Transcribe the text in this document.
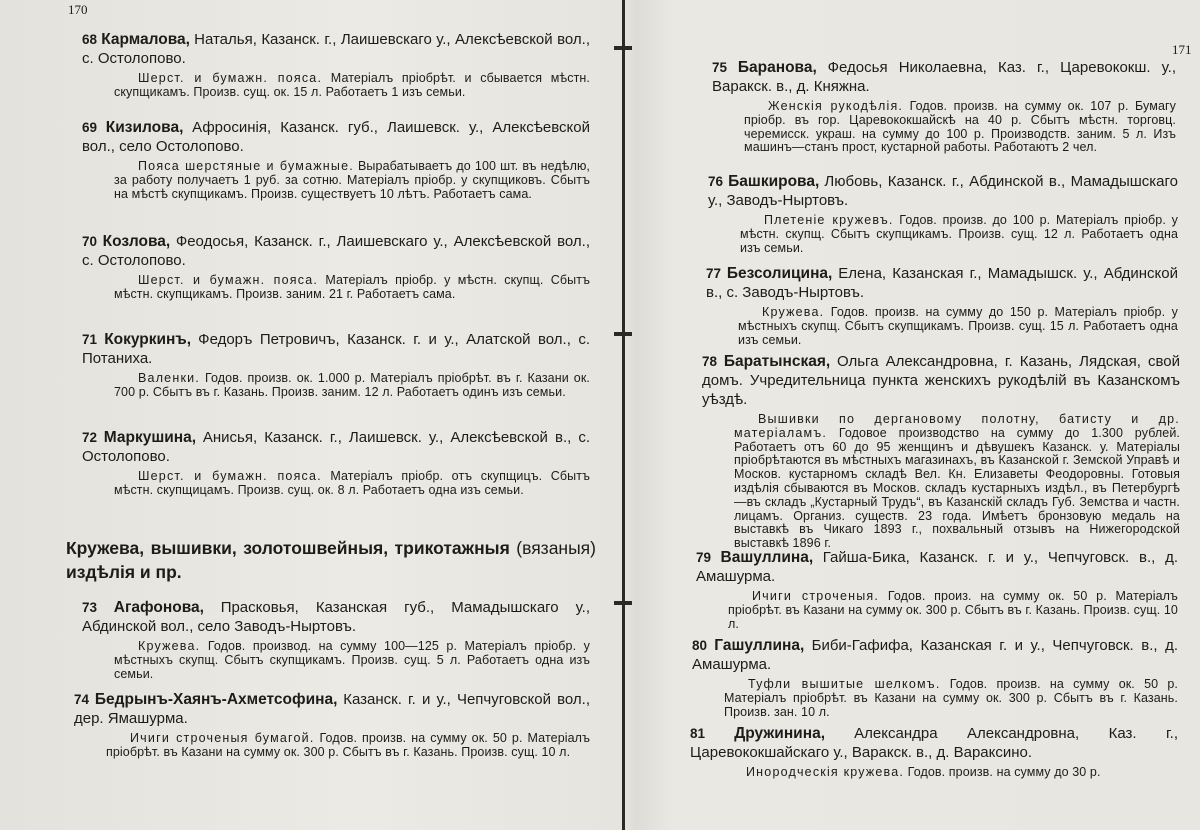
170
171
68 Кармалова, Наталья, Казанск. г., Лаишевскаго у., Алексѣевской вол., с. Остолопово.
Шерст. и бумажн. пояса. Матеріалъ пріобрѣт. и сбывается мѣстн. скупщикамъ. Произв. сущ. ок. 15 л. Работаетъ 1 изъ семьи.
69 Кизилова, Афросинія, Казанск. губ., Лаишевск. у., Алексѣевской вол., село Остолопово.
Пояса шерстяные и бумажные. Вырабатываетъ до 100 шт. въ недѣлю, за работу получаетъ 1 руб. за сотню. Матеріалъ пріобр. у скупщиковъ. Сбытъ на мѣстѣ скупщикамъ. Произв. существуетъ 10 лѣтъ. Работаетъ сама.
70 Козлова, Феодосья, Казанск. г., Лаишевскаго у., Алексѣевской вол., с. Остолопово.
Шерст. и бумажн. пояса. Матеріалъ пріобр. у мѣстн. скупщ. Сбытъ мѣстн. скупщикамъ. Произв. заним. 21 г. Работаетъ сама.
71 Кокуркинъ, Федоръ Петровичъ, Казанск. г. и у., Алатской вол., с. Потаниха.
Валенки. Годов. произв. ок. 1.000 р. Матеріалъ пріобрѣт. въ г. Казани ок. 700 р. Сбытъ въ г. Казань. Произв. заним. 12 л. Работаетъ одинъ изъ семьи.
72 Маркушина, Анисья, Казанск. г., Лаишевск. у., Алексѣевской в., с. Остолопово.
Шерст. и бумажн. пояса. Матеріалъ пріобр. отъ скупщицъ. Сбытъ мѣстн. скупщицамъ. Произв. сущ. ок. 8 л. Работаетъ одна изъ семьи.
Кружева, вышивки, золотошвейныя, трикотажныя (вязаныя) издѣлія и пр.
73 Агафонова, Прасковья, Казанская губ., Мамадышскаго у., Абдинской вол., село Заводъ-Ныртовъ.
Кружева. Годов. производ. на сумму 100—125 р. Матеріалъ пріобр. у мѣстныхъ скупщ. Сбытъ скупщикамъ. Произв. сущ. 5 л. Работаетъ одна изъ семьи.
74 Бедрынъ-Хаянъ-Ахметсофина, Казанск. г. и у., Чепчуговской вол., дер. Ямашурма.
Ичиги строченыя бумагой. Годов. произв. на сумму ок. 50 р. Матеріалъ пріобрѣт. въ Казани на сумму ок. 300 р. Сбытъ въ г. Казань. Произв. сущ. 10 л.
75 Баранова, Федосья Николаевна, Каз. г., Царевококш. у., Варакск. в., д. Княжна.
Женскія рукодѣлія. Годов. произв. на сумму ок. 107 р. Бумагу пріобр. въ гор. Царевококшайскѣ на 40 р. Сбытъ мѣстн. торговц. черемисск. украш. на сумму до 100 р. Производств. заним. 5 л. Изъ машинъ—станъ прост, кустарной работы. Работаютъ 2 чел.
76 Башкирова, Любовь, Казанск. г., Абдинской в., Мамадышскаго у., Заводъ-Ныртовъ.
Плетеніе кружевъ. Годов. произв. до 100 р. Матеріалъ пріобр. у мѣстн. скупщ. Сбытъ скупщикамъ. Произв. сущ. 12 л. Работаетъ одна изъ семьи.
77 Безсолицина, Елена, Казанская г., Мамадышск. у., Абдинской в., с. Заводъ-Ныртовъ.
Кружева. Годов. произв. на сумму до 150 р. Матеріалъ пріобр. у мѣстныхъ скупщ. Сбытъ скупщикамъ. Произв. сущ. 15 л. Работаетъ одна изъ семьи.
78 Баратынская, Ольга Александровна, г. Казань, Лядская, свой домъ. Учредительница пункта женскихъ рукодѣлій въ Казанскомъ уѣздѣ.
Вышивки по дергановому полотну, батисту и др. матеріаламъ. Годовое производство на сумму до 1.300 рублей. Работаетъ отъ 60 до 95 женщинъ и дѣвушекъ Казанск. у. Матеріалы пріобрѣтаются въ мѣстныхъ магазинахъ, въ Казанской г. Земской Управѣ и Москов. кустарномъ складѣ Вел. Кн. Елизаветы Феодоровны. Готовыя издѣлія сбываются въ Москов. складъ кустарныхъ издѣл., въ Петербургѣ—въ складъ „Кустарный Трудъ“, въ Казанскій складъ Губ. Земства и частн. лицамъ. Организ. существ. 23 года. Имѣетъ бронзовую медаль на выставкѣ въ Чикаго 1893 г., похвальный отзывъ на Нижегородской выставкѣ 1896 г.
79 Вашуллина, Гайша-Бика, Казанск. г. и у., Чепчуговск. в., д. Амашурма.
Ичиги строченыя. Годов. произ. на сумму ок. 50 р. Матеріалъ пріобрѣт. въ Казани на сумму ок. 300 р. Сбытъ въ г. Казань. Произв. сущ. 10 л.
80 Гашуллина, Биби-Гафифа, Казанская г. и у., Чепчуговск. в., д. Амашурма.
Туфли вышитые шелкомъ. Годов. произв. на сумму ок. 50 р. Матеріалъ пріобрѣт. въ Казани на сумму ок. 300 р. Сбытъ въ г. Казань. Произв. зан. 10 л.
81 Дружинина, Александра Александровна, Каз. г., Царевококшайскаго у., Варакск. в., д. Вараксино.
Инородческія кружева. Годов. произв. на сумму до 30 р.
